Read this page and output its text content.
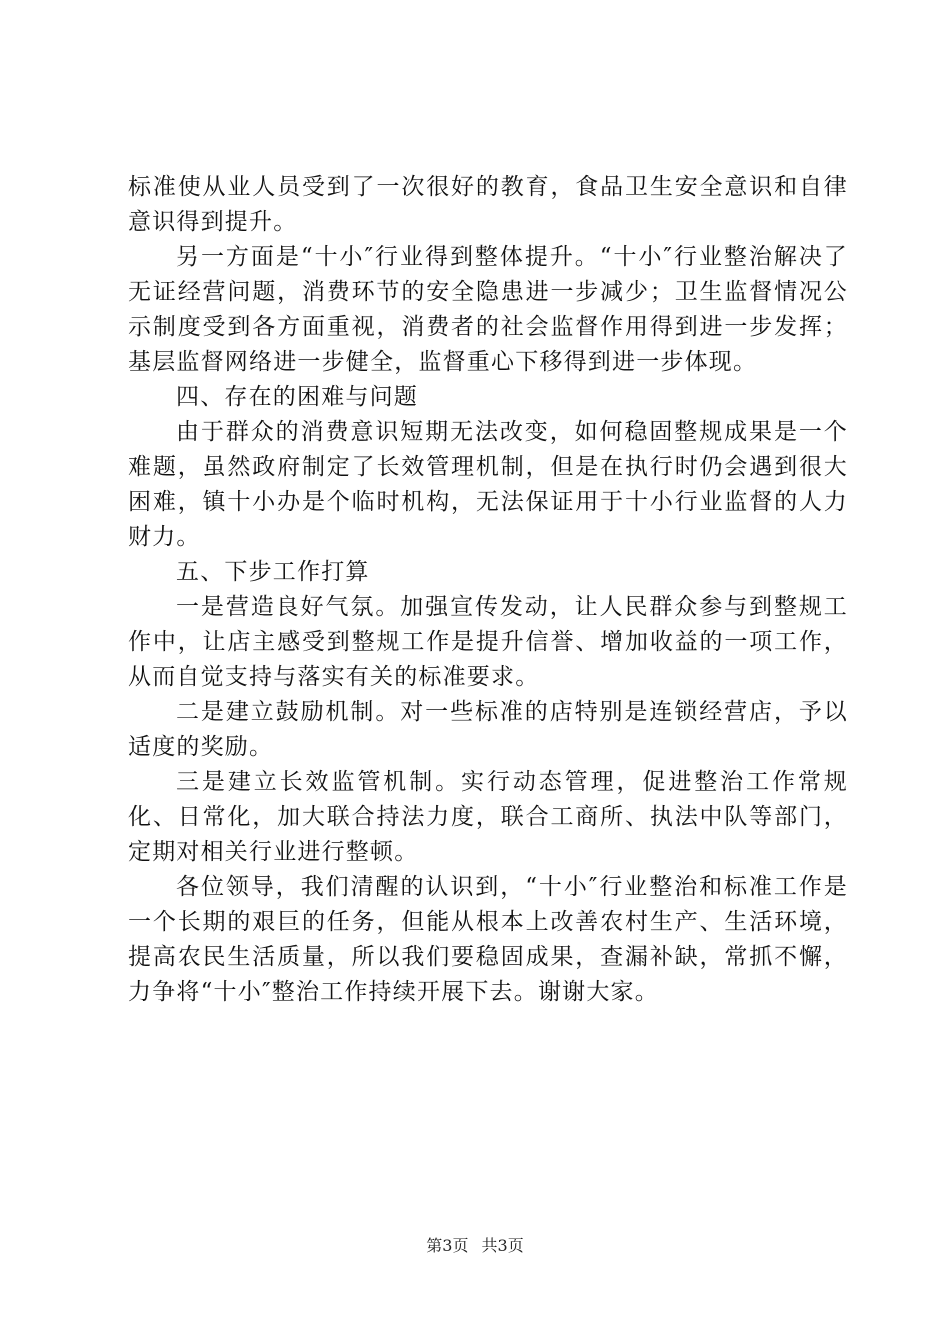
标准使从业人员受到了一次很好的教育，食品卫生安全意识和自律意识得到提升。

另一方面是“十小″行业得到整体提升。“十小″行业整治解决了无证经营问题，消费环节的安全隐患进一步减少；卫生监督情况公示制度受到各方面重视，消费者的社会监督作用得到进一步发挥；基层监督网络进一步健全，监督重心下移得到进一步体现。

四、存在的困难与问题

由于群众的消费意识短期无法改变，如何稳固整规成果是一个难题，虽然政府制定了长效管理机制，但是在执行时仍会遇到很大困难，镇十小办是个临时机构，无法保证用于十小行业监督的人力财力。

五、下步工作打算

一是营造良好气氛。加强宣传发动，让人民群众参与到整规工作中，让店主感受到整规工作是提升信誉、增加收益的一项工作，从而自觉支持与落实有关的标准要求。

二是建立鼓励机制。对一些标准的店特别是连锁经营店，予以适度的奖励。

三是建立长效监管机制。实行动态管理，促进整治工作常规化、日常化，加大联合持法力度，联合工商所、执法中队等部门，定期对相关行业进行整顿。

各位领导，我们清醒的认识到，“十小″行业整治和标准工作是一个长期的艰巨的任务，但能从根本上改善农村生产、生活环境，提高农民生活质量，所以我们要稳固成果，查漏补缺，常抓不懈，力争将“十小″整治工作持续开展下去。谢谢大家。

第3页 共3页
